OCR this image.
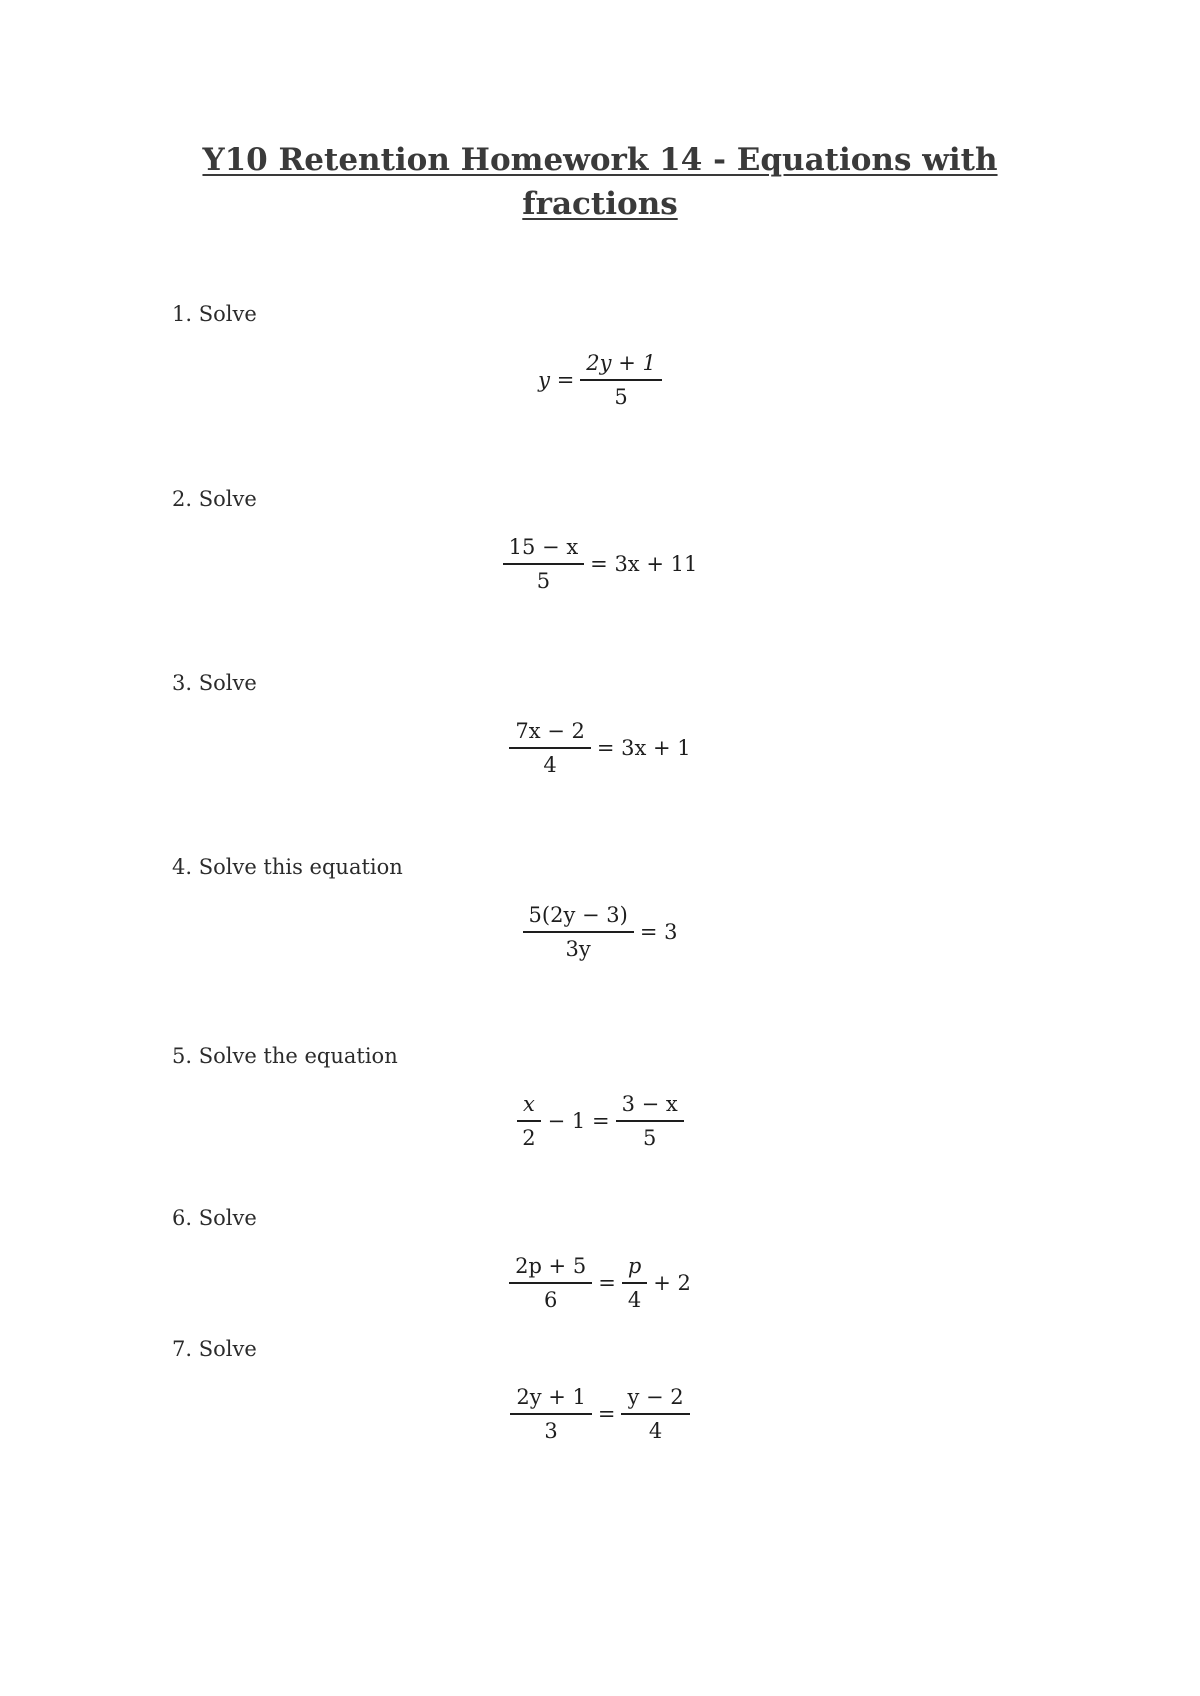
Y10 Retention Homework 14 - Equations with fractions
1. Solve
$y = \frac{2y + 1}{5}$
2. Solve
$\frac{15 - x}{5} = 3x + 11$
3. Solve
$\frac{7x - 2}{4} = 3x + 1$
4. Solve this equation
$\frac{5(2y - 3)}{3y} = 3$
5. Solve the equation
$\frac{x}{2} - 1 = \frac{3 - x}{5}$
6. Solve
$\frac{2p + 5}{6} = \frac{p}{4} + 2$
7. Solve
$\frac{2y + 1}{3} = \frac{y - 2}{4}$
